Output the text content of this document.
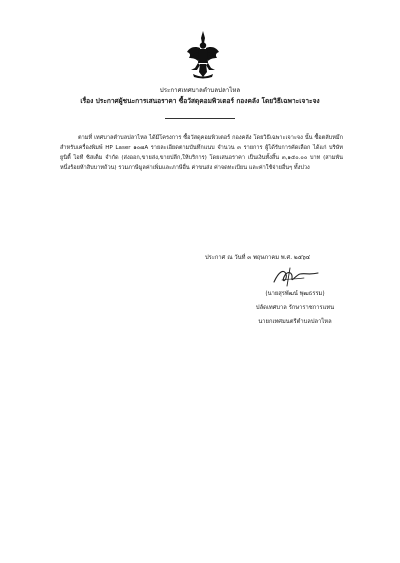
ประกาศเทศบาลตำบลปลาไหล
เรื่อง ประกาศผู้ชนะการเสนอราคา ซื้อวัสดุคอมพิวเตอร์ กองคลัง โดยวิธีเฉพาะเจาะจง

ตามที่ เทศบาลตำบลปลาไหล ได้มีโครงการ ซื้อวัสดุคอมพิวเตอร์ กองคลัง โดยวิธีเฉพาะเจาะจง นั้น ซื้อตลับหมึกสำหรับเครื่องพิมพ์ HP Laser ๑๐๗A รายละเอียดตามบันทึกแนบ จำนวน ๓ รายการ ผู้ได้รับการคัดเลือก ได้แก่ บริษัท ยูนิตี้ ไอที ซิสเต็ม จำกัด (ส่งออก,ขายส่ง,ขายปลีก,ให้บริการ) โดยเสนอราคา เป็นเงินทั้งสิ้น ๓,๑๕๐.๐๐ บาท (สามพันหนึ่งร้อยห้าสิบบาทถ้วน) รวมภาษีมูลค่าเพิ่มและภาษีอื่น ค่าขนส่ง ค่าจดทะเบียน และค่าใช้จ่ายอื่นๆ ทั้งปวง

ประกาศ ณ วันที่ ๓ พฤษภาคม พ.ศ. ๒๕๖๔
(นายสุรพัฒน์ พุฒธรรม)
ปลัดเทศบาล รักษาราชการแทน
นายกเทศมนตรีตำบลปลาไหล
